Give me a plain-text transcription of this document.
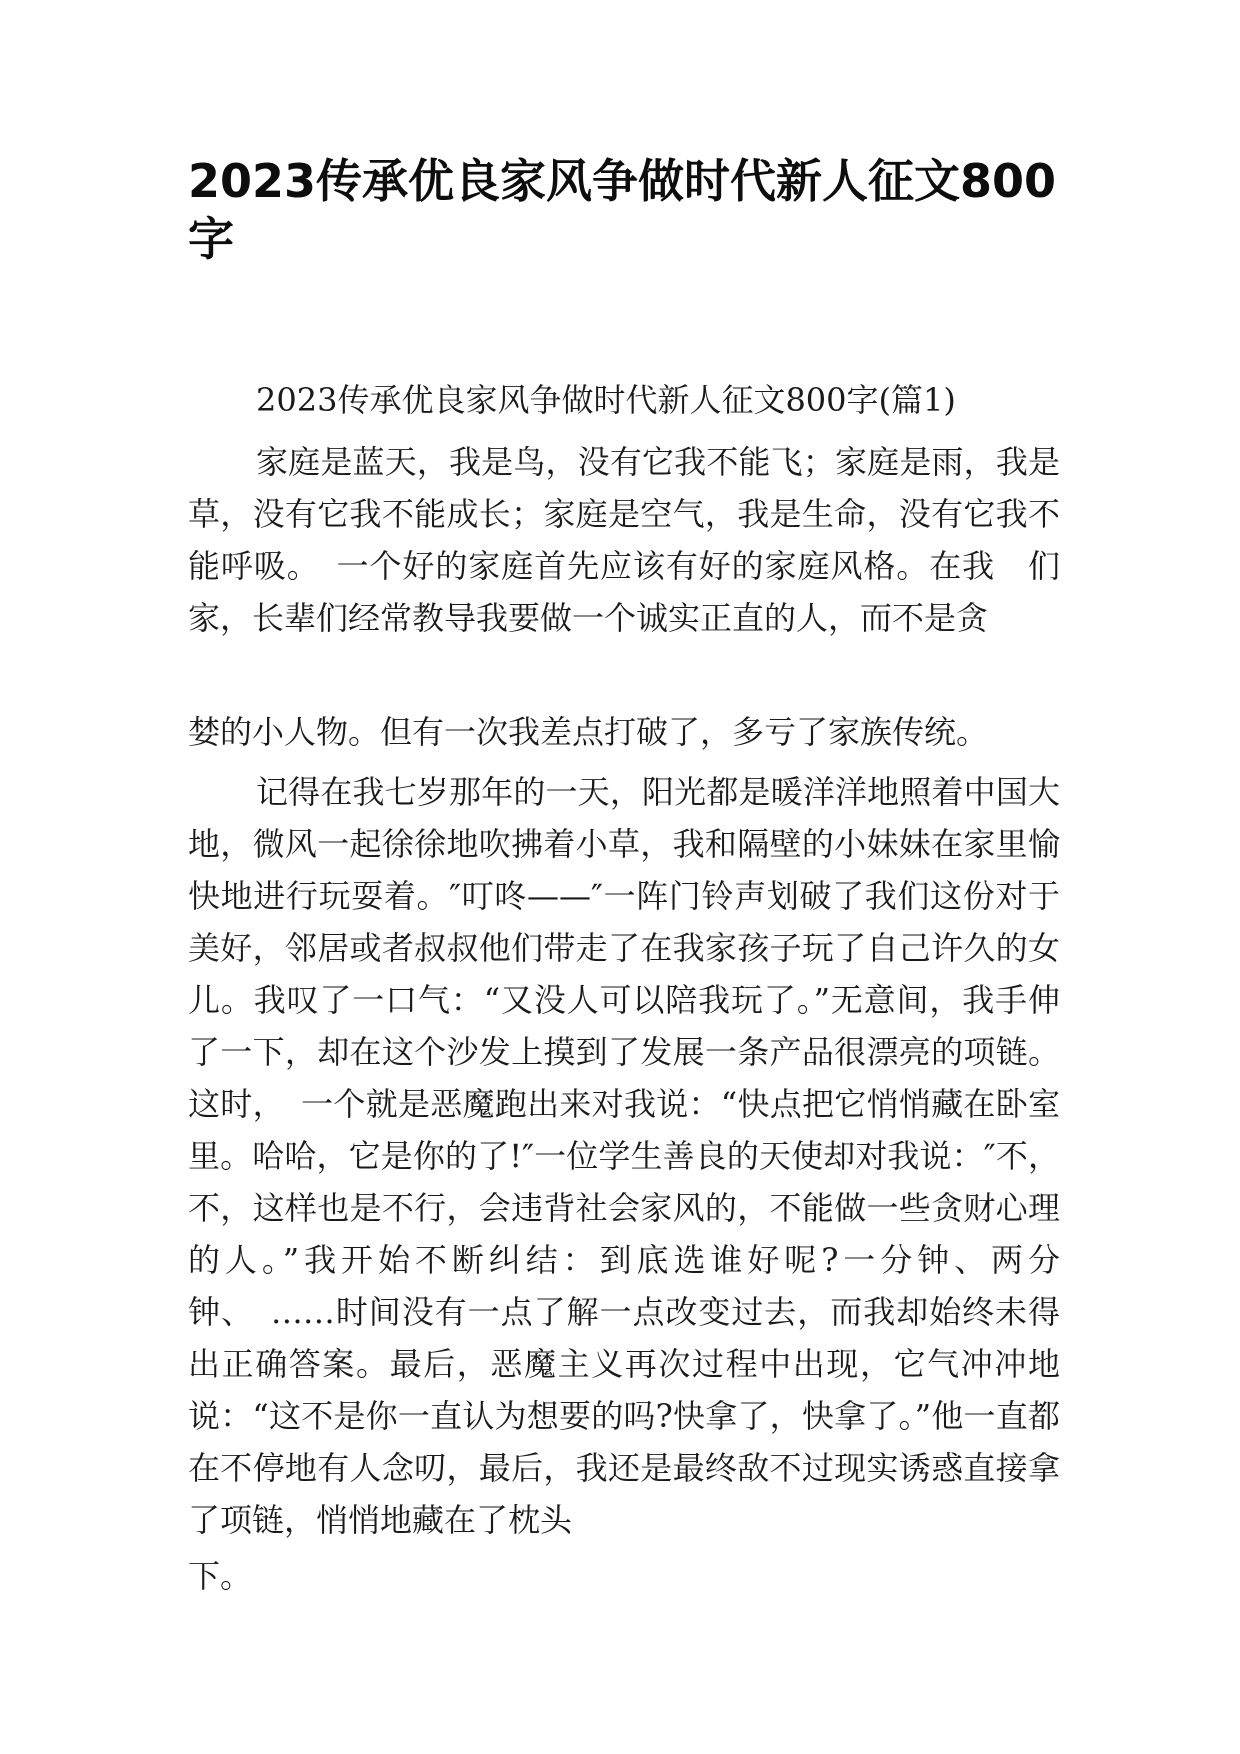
2023传承优良家风争做时代新人征文800字

2023传承优良家风争做时代新人征文800字(篇1)

家庭是蓝天，我是鸟，没有它我不能飞；家庭是雨，我是草，没有它我不能成长；家庭是空气，我是生命，没有它我不能呼吸。　一个好的家庭首先应该有好的家庭风格。在我　们家，长辈们经常教导我要做一个诚实正直的人，而不是贪

婪的小人物。但有一次我差点打破了，多亏了家族传统。

记得在我七岁那年的一天，阳光都是暖洋洋地照着中国大地，微风一起徐徐地吹拂着小草，我和隔壁的小妹妹在家里愉快地进行玩耍着。″叮咚——″一阵门铃声划破了我们这份对于美好，邻居或者叔叔他们带走了在我家孩子玩了自己许久的女儿。我叹了一口气：“又没人可以陪我玩了。”无意间，我手伸了一下，却在这个沙发上摸到了发展一条产品很漂亮的项链。这时，　一个就是恶魔跑出来对我说：“快点把它悄悄藏在卧室里。哈哈，它是你的了!″一位学生善良的天使却对我说：″不，不，这样也是不行，会违背社会家风的，不能做一些贪财心理的人。”我开始不断纠结：到底选谁好呢?一分钟、两分钟、　……时间没有一点了解一点改变过去，而我却始终未得出正确答案。最后，恶魔主义再次过程中出现，它气冲冲地说：“这不是你一直认为想要的吗?快拿了，快拿了。”他一直都在不停地有人念叨，最后，我还是最终敌不过现实诱惑直接拿了项链，悄悄地藏在了枕头

下。
